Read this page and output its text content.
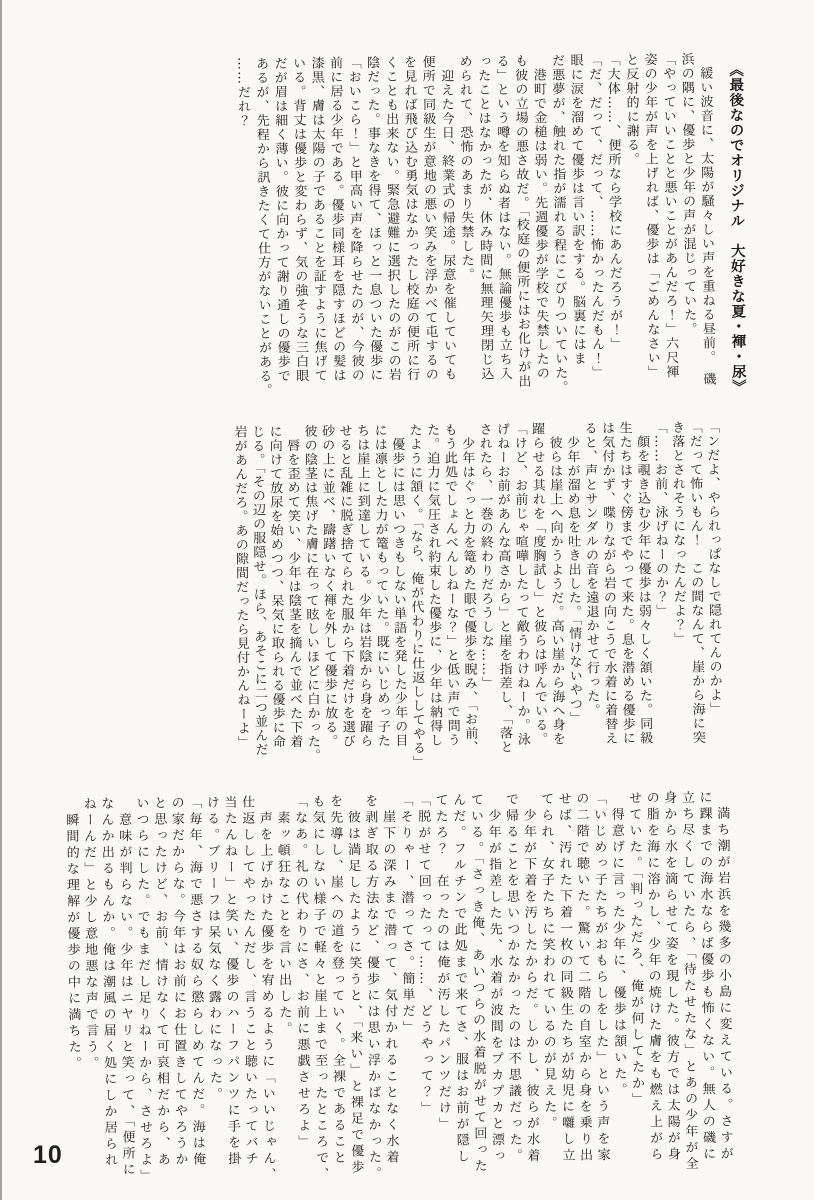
《最後なのでオリジナル　大好きな夏・褌・尿》
　緩い波音に、太陽が騒々しい声を重ねる昼前。　磯
浜の隅に、優歩と少年の声が混じっていた。
「やっていいことと悪いことがあんだろ！」六尺褌
姿の少年が声を上げれば、優歩は「ごめんなさい」
と反射的に謝る。
「大体……、便所なら学校にあんだろうが！」
「だ、だって、だって、……怖かったんだもん！」
眼に涙を溜めて優歩は言い訳をする。脳裏にはま
だ悪夢が、触れた指が濡れる程にこびりついていた。
　港町で金槌は弱い。先週優歩が学校で失禁したの
も彼の立場の悪さ故だ。「校庭の便所にはお化けが出
る」という噂を知らぬ者はない。無論優歩も立ち入
ったことはなかったが、休み時間に無理矢理閉じ込
められて、恐怖のあまり失禁した。
　迎えた今日、終業式の帰途。尿意を催していても
便所で同級生が意地の悪い笑みを浮かべて屯するの
を見れば飛び込む勇気はなかったし校庭の便所に行
くことも出来ない。緊急避難に選択したのがこの岩
陰だった。事なきを得て、ほっと一息ついた優歩に
「おいこら！」と甲高い声を降らせたのが、今彼の
前に居る少年である。優歩同様耳を隠すほどの髪は
漆黒、膚は太陽の子であることを証すように焦げて
いる。背丈は優歩と変わらず、気の強そうな三白眼
だが眉は細く薄い。彼に向かって謝り通しの優歩で
あるが、先程から訊きたくて仕方がないことがある。
……だれ？
「ンだよ、やられっぱなしで隠れてんのかよ」
「だって怖いもん！　この間なんて、崖から海に突
き落とされそうになったんだよ？」
「……お前、泳げねーのか？」
　顔を覗き込む少年に優歩は弱々しく頷いた。同級
生たちはすぐ傍までやって来た。息を潜める優歩に
は気付かず、喋りながら岩の向こうで水着に着替え
ると、声とサンダルの音を遠退かせて行った。
　少年が溜め息を吐き出した。「情けないやつ」
　彼らは崖上へ向かうようだ。高い崖から海へ身を
躍らせる其れを「度胸試し」と彼らは呼んでいる。
「けど、お前じゃ喧嘩したって敵うわけねーか。泳
げねーお前があんな高さから」と崖を指差し、「落と
されたら、一巻の終わりだろうしな……」
　少年はぐっと力を篭めた眼で優歩を睨み、「お前、
もう此処でしょんべんしねーな？」と低い声で問う
た。迫力に気圧され約束した優歩に、少年は納得し
たように頷く。「なら、俺が代わりに仕返ししてやる」
　優歩には思いつきもしない単語を発した少年の目
には凛とした力が篭もっていた。既にいじめっ子た
ちは崖上に到達している。少年は岩陰から身を躍ら
せると乱雑に脱ぎ捨てられた服から下着だけを選び
砂の上に並べ、躊躇いなく褌を外して優歩に放る。
彼の陰茎は焦げた膚に在って眩しいほどに白かった。
　唇を歪めて笑い、少年は陰茎を摘んで並べた下着
に向けて放尿を始めつつ、呆気に取られる優歩に命
じる。「その辺の服隠せ。ほら、あそこに二つ並んだ
岩があんだろ。あの隙間だったら見付かんねーよ」
　満ち潮が岩浜を幾多の小島に変えている。さすが
に踝までの海水ならば優歩も怖くない。無人の磯に
立ち尽くしていたら、「待たせたな」とあの少年が全
身から水を滴らせて姿を現した。彼方では太陽が身
の脂を海に溶かし、少年の焼けた膚をも燃え上がら
せていた。「判っただろ、俺が何してたか」
　得意げに言った少年に、優歩は頷いた。
「いじめっ子たちがおもらしをした」という声を家
の二階で聴いた。驚いて二階の自室から身を乗り出
せば、汚れた下着一枚の同級生たちが幼児に囃し立
てられ、女子たちに笑われているのが見えた。
　少年が下着を汚したからだ。しかし、彼らが水着
で帰ることを思いつかなかったのは不思議だった。
　少年が指差した先、水着が波間をプカプカと漂っ
ている。「さっき俺、あいつらの水着脱がせて回った
んだ。フルチンで此処まで来てさ、服はお前が隠し
てたろ？　在ったのは俺が汚したパンツだけ」
「脱がせて回ったって……、どうやって？」
「そりゃー、潜ってさ。簡単だ」
　崖下の深みまで潜って、気付かれることなく水着
を剥ぎ取る方法など、優歩には思い浮かばなかった。
　彼は満足したように笑うと、「来い」と裸足で優歩
を先導し、崖への道を登っていく。全裸であること
も気にしない様子で軽々と崖上まで至ったところで、
「なあ。礼の代わりにさ、お前に悪戯させろよ」
　素ッ頓狂なことを言い出した。
　声を上げかけた優歩を宥めるように「いいじゃん、
仕返ししてやったんだし、言うこと聴いたってバチ
当たんねー」と笑い、優歩のハーフパンツに手を掛
ける。ブリーフは呆気なく露わになった。
「毎年、海で悪さする奴ら懲らしめてんだ。海は俺
の家だからな。今年はお前にお仕置きしてやろうか
と思ったけど、お前、情けなくて可哀相だから、あ
いつらにした。でもまだし足りねーから、させろよ」
　意味が判らない。少年はニヤリと笑って、「便所に
なんか出るもんか。俺は潮風の届く処にしか居られ
ねーんだ」と少し意地悪な声で言う。
　瞬間的な理解が優歩の中に満ちた。
10
